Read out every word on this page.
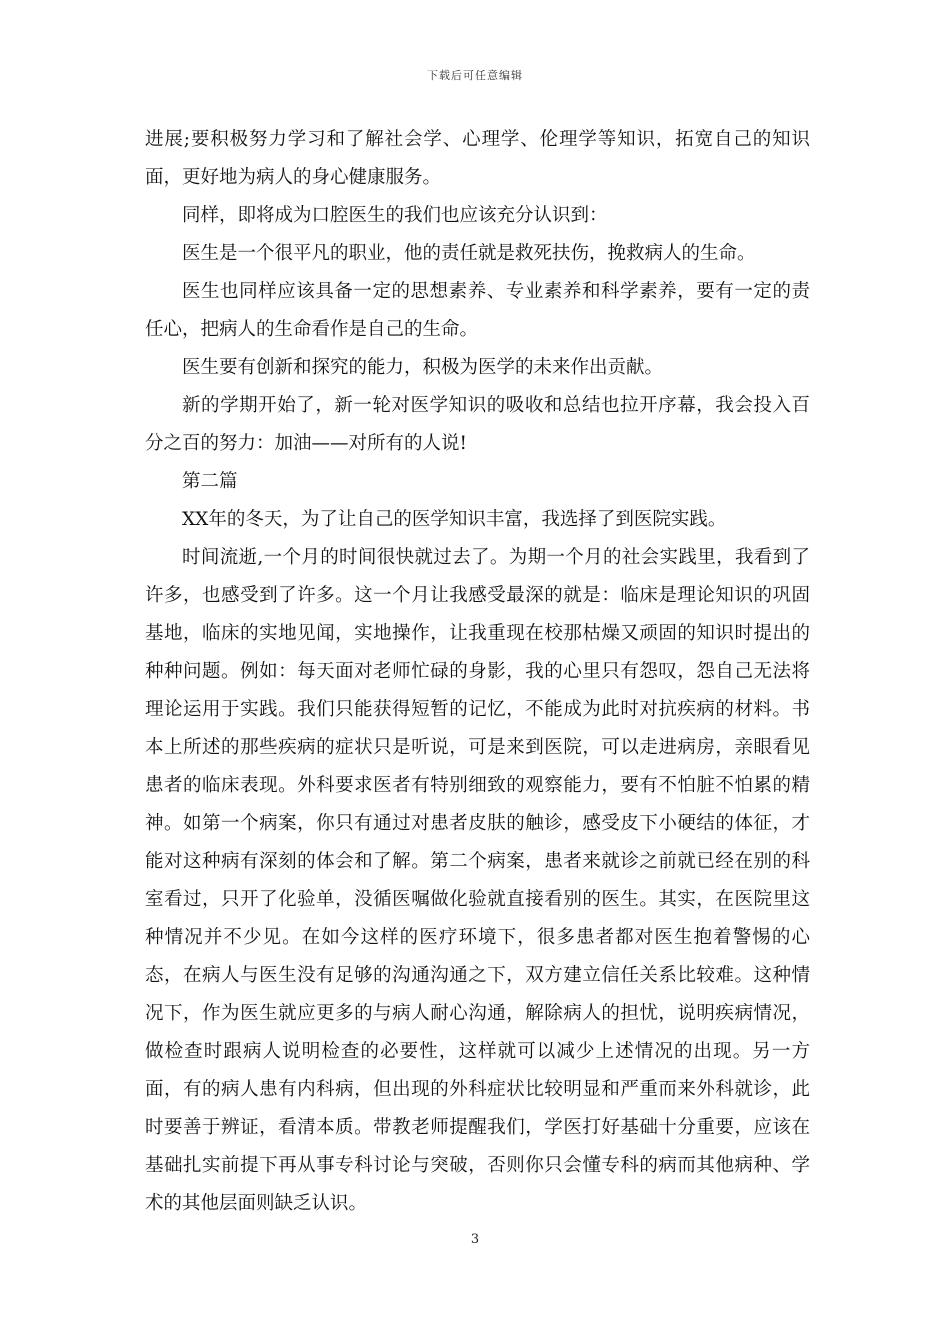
下载后可任意编辑

进展;要积极努力学习和了解社会学、心理学、伦理学等知识，拓宽自己的知识面，更好地为病人的身心健康服务。

同样，即将成为口腔医生的我们也应该充分认识到：

医生是一个很平凡的职业，他的责任就是救死扶伤，挽救病人的生命。

医生也同样应该具备一定的思想素养、专业素养和科学素养，要有一定的责任心，把病人的生命看作是自己的生命。

医生要有创新和探究的能力，积极为医学的未来作出贡献。

新的学期开始了，新一轮对医学知识的吸收和总结也拉开序幕，我会投入百分之百的努力：加油——对所有的人说!

第二篇

XX年的冬天，为了让自己的医学知识丰富，我选择了到医院实践。

时间流逝,一个月的时间很快就过去了。为期一个月的社会实践里，我看到了许多，也感受到了许多。这一个月让我感受最深的就是：临床是理论知识的巩固基地，临床的实地见闻，实地操作，让我重现在校那枯燥又顽固的知识时提出的种种问题。例如：每天面对老师忙碌的身影，我的心里只有怨叹，怨自己无法将理论运用于实践。我们只能获得短暂的记忆，不能成为此时对抗疾病的材料。书本上所述的那些疾病的症状只是听说，可是来到医院，可以走进病房，亲眼看见患者的临床表现。外科要求医者有特别细致的观察能力，要有不怕脏不怕累的精神。如第一个病案，你只有通过对患者皮肤的触诊，感受皮下小硬结的体征，才能对这种病有深刻的体会和了解。第二个病案，患者来就诊之前就已经在别的科室看过，只开了化验单，没循医嘱做化验就直接看别的医生。其实，在医院里这种情况并不少见。在如今这样的医疗环境下，很多患者都对医生抱着警惕的心态，在病人与医生没有足够的沟通沟通之下，双方建立信任关系比较难。这种情况下，作为医生就应更多的与病人耐心沟通，解除病人的担忧，说明疾病情况，做检查时跟病人说明检查的必要性，这样就可以减少上述情况的出现。另一方面，有的病人患有内科病，但出现的外科症状比较明显和严重而来外科就诊，此时要善于辨证，看清本质。带教老师提醒我们，学医打好基础十分重要，应该在基础扎实前提下再从事专科讨论与突破，否则你只会懂专科的病而其他病种、学术的其他层面则缺乏认识。

3
